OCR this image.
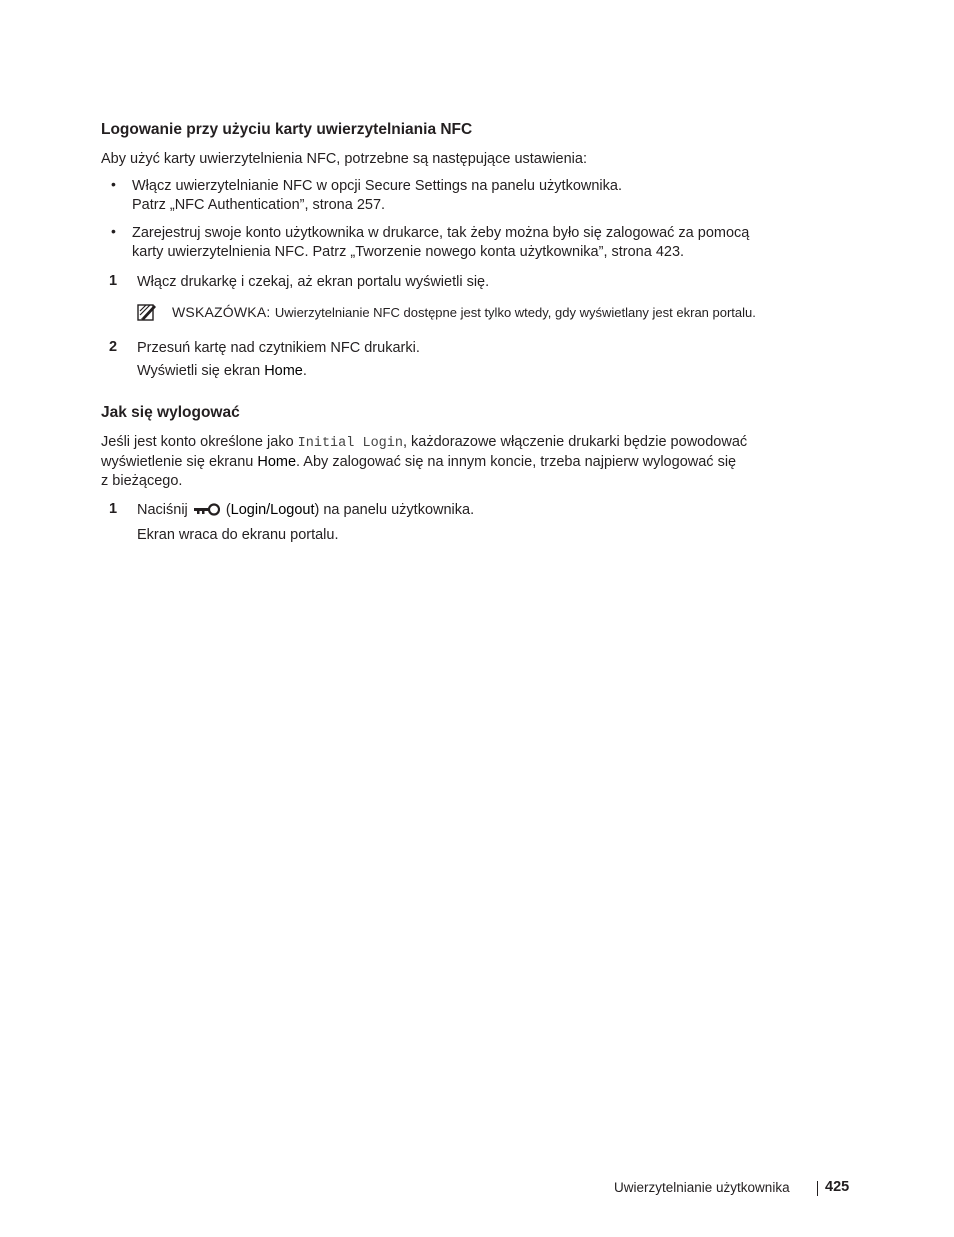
Logowanie przy użyciu karty uwierzytelniania NFC
Aby użyć karty uwierzytelnienia NFC, potrzebne są następujące ustawienia:
• Włącz uwierzytelnianie NFC w opcji Secure Settings na panelu użytkownika.
Patrz „NFC Authentication”, strona 257.
• Zarejestruj swoje konto użytkownika w drukarce, tak żeby można było się zalogować za pomocą
karty uwierzytelnienia NFC. Patrz „Tworzenie nowego konta użytkownika”, strona 423.
1 Włącz drukarkę i czekaj, aż ekran portalu wyświetli się.
WSKAZÓWKA: Uwierzytelnianie NFC dostępne jest tylko wtedy, gdy wyświetlany jest ekran portalu.
2 Przesuń kartę nad czytnikiem NFC drukarki.
Wyświetli się ekran Home.
Jak się wylogować
Jeśli jest konto określone jako Initial Login, każdorazowe włączenie drukarki będzie powodować
wyświetlenie się ekranu Home. Aby zalogować się na innym koncie, trzeba najpierw wylogować się
z bieżącego.
1 Naciśnij  (Login/Logout) na panelu użytkownika.
Ekran wraca do ekranu portalu.
Uwierzytelnianie użytkownika 425
